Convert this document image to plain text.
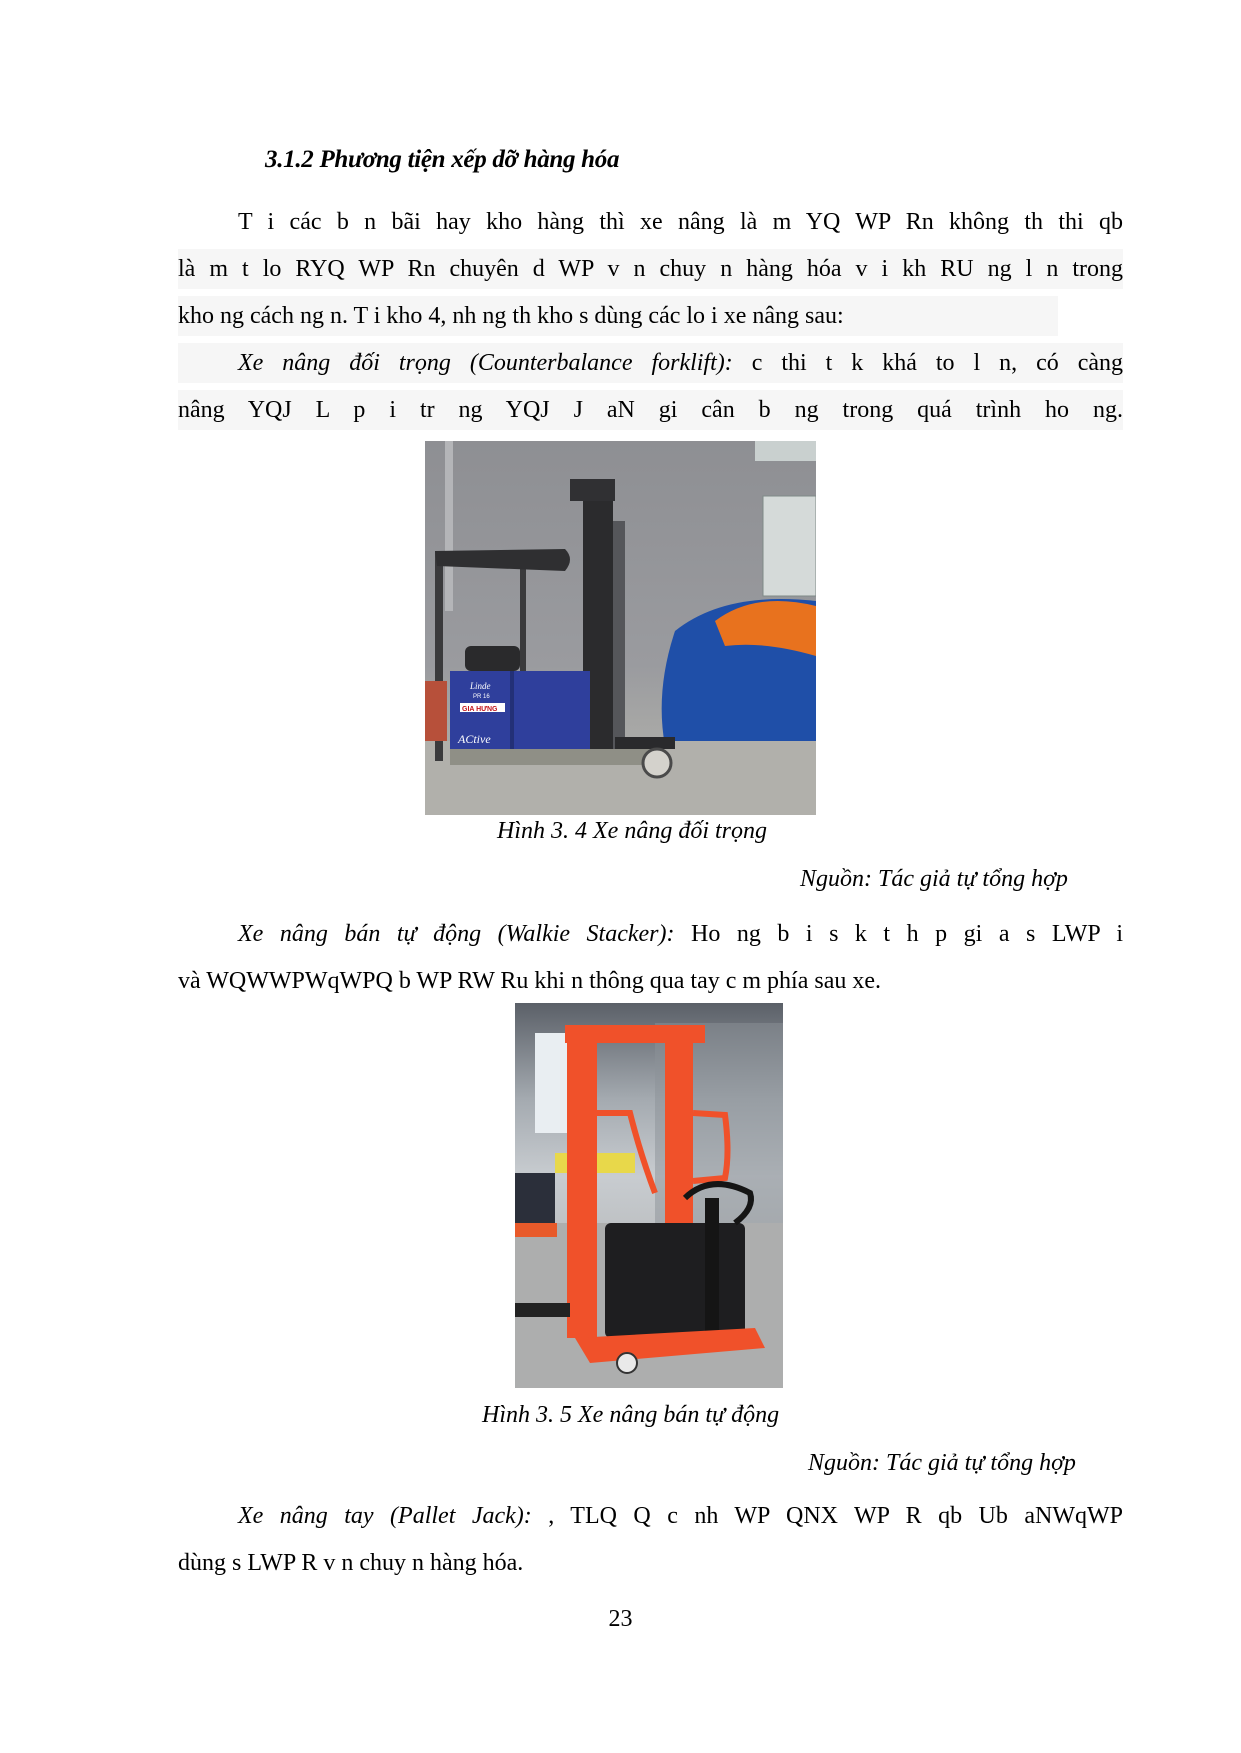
3.1.2 Phương tiện xếp dỡ hàng hóa
T i các b n bãi hay kho hàng thì xe nâng là m YQ WP Rn không th thi qb
là m t lo RYQ WP Rn chuyên d WP v n chuy n hàng hóa v i kh RU ng l n trong
kho ng cách ng n. T i kho 4, nh ng th kho s dùng các lo i xe nâng sau:
Xe nâng đối trọng (Counterbalance forklift): c thi t k khá to l n, có càng
nâng YQJ L p i tr ng YQJ J aN gi cân b ng trong quá trình ho ng.
GIA HƯNG
Linde
PR 16
ACtive
Hình 3. 4 Xe nâng đối trọng
Nguồn: Tác giả tự tổng hợp
Xe nâng bán tự động (Walkie Stacker): Ho ng b i s k t h p gi a s LWP i
và WQWWPWqWPQ b WP RW Ru khi n thông qua tay c m phía sau xe.
Hình 3. 5 Xe nâng bán tự động
Nguồn: Tác giả tự tổng hợp
Xe nâng tay (Pallet Jack): , TLQ Q c nh WP QNX WP R qb Ub aNWqWP
dùng s LWP R v n chuy n hàng hóa.
23
